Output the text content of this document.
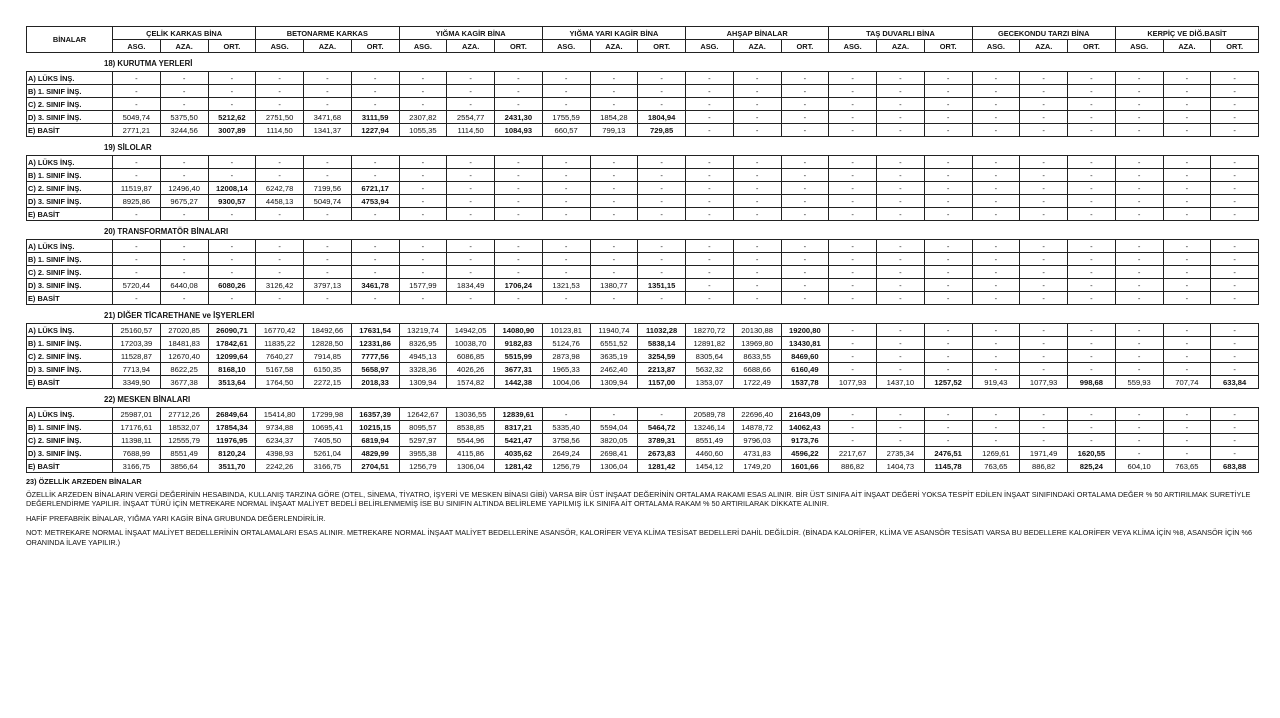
BİNALAR	ÇELİK KARKAS BİNA			BETONARME KARKAS			YIĞMA KAGİR BİNA			YIĞMA YARI KAGİR BİNA			AHŞAP BİNALAR			TAŞ DUVARLI BİNA			GECEKONDU TARZI BİNA			KERPİÇ VE DİĞ.BASİT		
	ASG.	AZA.	ORT.	ASG.	AZA.	ORT.	ASG.	AZA.	ORT.	ASG.	AZA.	ORT.	ASG.	AZA.	ORT.	ASG.	AZA.	ORT.	ASG.	AZA.	ORT.	ASG.	AZA.	ORT.
18) KURUTMA YERLERİ
A) LÜKS İNŞ.	-	-	-	-	-	-	-	-	-	-	-	-	-	-	-	-	-	-	-	-	-	-	-	-
B) 1. SINIF İNŞ.	-	-	-	-	-	-	-	-	-	-	-	-	-	-	-	-	-	-	-	-	-	-	-	-
C) 2. SINIF İNŞ.	-	-	-	-	-	-	-	-	-	-	-	-	-	-	-	-	-	-	-	-	-	-	-	-
D) 3. SINIF İNŞ.	5049,74	5375,50	5212,62	2751,50	3471,68	3111,59	2307,82	2554,77	2431,30	1755,59	1854,28	1804,94	-	-	-	-	-	-	-	-	-	-	-	-
E) BASİT	2771,21	3244,56	3007,89	1114,50	1341,37	1227,94	1055,35	1114,50	1084,93	660,57	799,13	729,85	-	-	-	-	-	-	-	-	-	-	-	-
19) SİLOLAR
A) LÜKS İNŞ.	-	-	-	-	-	-	-	-	-	-	-	-	-	-	-	-	-	-	-	-	-	-	-	-
B) 1. SINIF İNŞ.	-	-	-	-	-	-	-	-	-	-	-	-	-	-	-	-	-	-	-	-	-	-	-	-
C) 2. SINIF İNŞ.	11519,87	12496,40	12008,14	6242,78	7199,56	6721,17	-	-	-	-	-	-	-	-	-	-	-	-	-	-	-	-	-	-
D) 3. SINIF İNŞ.	8925,86	9675,27	9300,57	4458,13	5049,74	4753,94	-	-	-	-	-	-	-	-	-	-	-	-	-	-	-	-	-	-
E) BASİT	-	-	-	-	-	-	-	-	-	-	-	-	-	-	-	-	-	-	-	-	-	-	-	-
20) TRANSFORMATÖR BİNALARI
A) LÜKS İNŞ.	-	-	-	-	-	-	-	-	-	-	-	-	-	-	-	-	-	-	-	-	-	-	-	-
B) 1. SINIF İNŞ.	-	-	-	-	-	-	-	-	-	-	-	-	-	-	-	-	-	-	-	-	-	-	-	-
C) 2. SINIF İNŞ.	-	-	-	-	-	-	-	-	-	-	-	-	-	-	-	-	-	-	-	-	-	-	-	-
D) 3. SINIF İNŞ.	5720,44	6440,08	6080,26	3126,42	3797,13	3461,78	1577,99	1834,49	1706,24	1321,53	1380,77	1351,15	-	-	-	-	-	-	-	-	-	-	-	-
E) BASİT	-	-	-	-	-	-	-	-	-	-	-	-	-	-	-	-	-	-	-	-	-	-	-	-
21) DİĞER TİCARETHANE ve İŞYERLERİ
A) LÜKS İNŞ.	25160,57	27020,85	26090,71	16770,42	18492,66	17631,54	13219,74	14942,05	14080,90	10123,81	11940,74	11032,28	18270,72	20130,88	19200,80	-	-	-	-	-	-	-	-	-
B) 1. SINIF İNŞ.	17203,39	18481,83	17842,61	11835,22	12828,50	12331,86	8326,95	10038,70	9182,83	5124,76	6551,52	5838,14	12891,82	13969,80	13430,81	-	-	-	-	-	-	-	-	-
C) 2. SINIF İNŞ.	11528,87	12670,40	12099,64	7640,27	7914,85	7777,56	4945,13	6086,85	5515,99	2873,98	3635,19	3254,59	8305,64	8633,55	8469,60	-	-	-	-	-	-	-	-	-
D) 3. SINIF İNŞ.	7713,94	8622,25	8168,10	5167,58	6150,35	5658,97	3328,36	4026,26	3677,31	1965,33	2462,40	2213,87	5632,32	6688,66	6160,49	-	-	-	-	-	-	-	-	-
E) BASİT	3349,90	3677,38	3513,64	1764,50	2272,15	2018,33	1309,94	1574,82	1442,38	1004,06	1309,94	1157,00	1353,07	1722,49	1537,78	1077,93	1437,10	1257,52	919,43	1077,93	998,68	559,93	707,74	633,84
22) MESKEN BİNALARI
A) LÜKS İNŞ.	25987,01	27712,26	26849,64	15414,80	17299,98	16357,39	12642,67	13036,55	12839,61	-	-	-	20589,78	22696,40	21643,09	-	-	-	-	-	-	-	-	-
B) 1. SINIF İNŞ.	17176,61	18532,07	17854,34	9734,88	10695,41	10215,15	8095,57	8538,85	8317,21	5335,40	5594,04	5464,72	13246,14	14878,72	14062,43	-	-	-	-	-	-	-	-	-
C) 2. SINIF İNŞ.	11398,11	12555,79	11976,95	6234,37	7405,50	6819,94	5297,97	5544,96	5421,47	3758,56	3820,05	3789,31	8551,49	9796,03	9173,76	-	-	-	-	-	-	-	-	-
D) 3. SINIF İNŞ.	7688,99	8551,49	8120,24	4398,93	5261,04	4829,99	3955,38	4115,86	4035,62	2649,24	2698,41	2673,83	4460,60	4731,83	4596,22	2217,67	2735,34	2476,51	1269,61	1971,49	1620,55	-	-	-
E) BASİT	3166,75	3856,64	3511,70	2242,26	3166,75	2704,51	1256,79	1306,04	1281,42	1256,79	1306,04	1281,42	1454,12	1749,20	1601,66	886,82	1404,73	1145,78	763,65	886,82	825,24	604,10	763,65	683,88

23) ÖZELLİK ARZEDEN BİNALAR

ÖZELLİK ARZEDEN BİNALARIN VERGİ DEĞERİNİN HESABINDA, KULLANIŞ TARZINA GÖRE (OTEL, SİNEMA, TİYATRO, İŞYERİ VE MESKEN BİNASI GİBİ) VARSA BİR ÜST İNŞAAT DEĞERİNİN ORTALAMA RAKAMI ESAS ALINIR. BİR ÜST SINIFA AİT İNŞAAT DEĞERİ YOKSA TESPİT EDİLEN İNŞAAT SINIFINDAKİ ORTALAMA DEĞER % 50 ARTIRILMAK SURETİYLE DEĞERLENDİRME YAPILIR. İNŞAAT TÜRÜ İÇİN METREKARE NORMAL İNŞAAT MALİYET BEDELİ BELİRLENMEMİŞ İSE BU SINIFIN ALTINDA BELİRLEME YAPILMIŞ İLK SINIFA AİT ORTALAMA RAKAM % 50 ARTIRILARAK DİKKATE ALINIR.

HAFİF PREFABRİK BİNALAR, YIĞMA YARI KAGİR BİNA GRUBUNDA DEĞERLENDİRİLİR.

NOT: METREKARE NORMAL İNŞAAT MALİYET BEDELLERİNİN ORTALAMALARI ESAS ALINIR. METREKARE NORMAL İNŞAAT MALİYET BEDELLERİNE ASANSÖR, KALORİFER VEYA KLİMA TESİSAT BEDELLERİ DAHİL DEĞİLDİR. (BİNADA KALORİFER, KLİMA VE ASANSÖR TESİSATI VARSA BU BEDELLERE KALORİFER VEYA KLİMA İÇİN %8, ASANSÖR İÇİN %6 ORANINDA İLAVE YAPILIR.)
